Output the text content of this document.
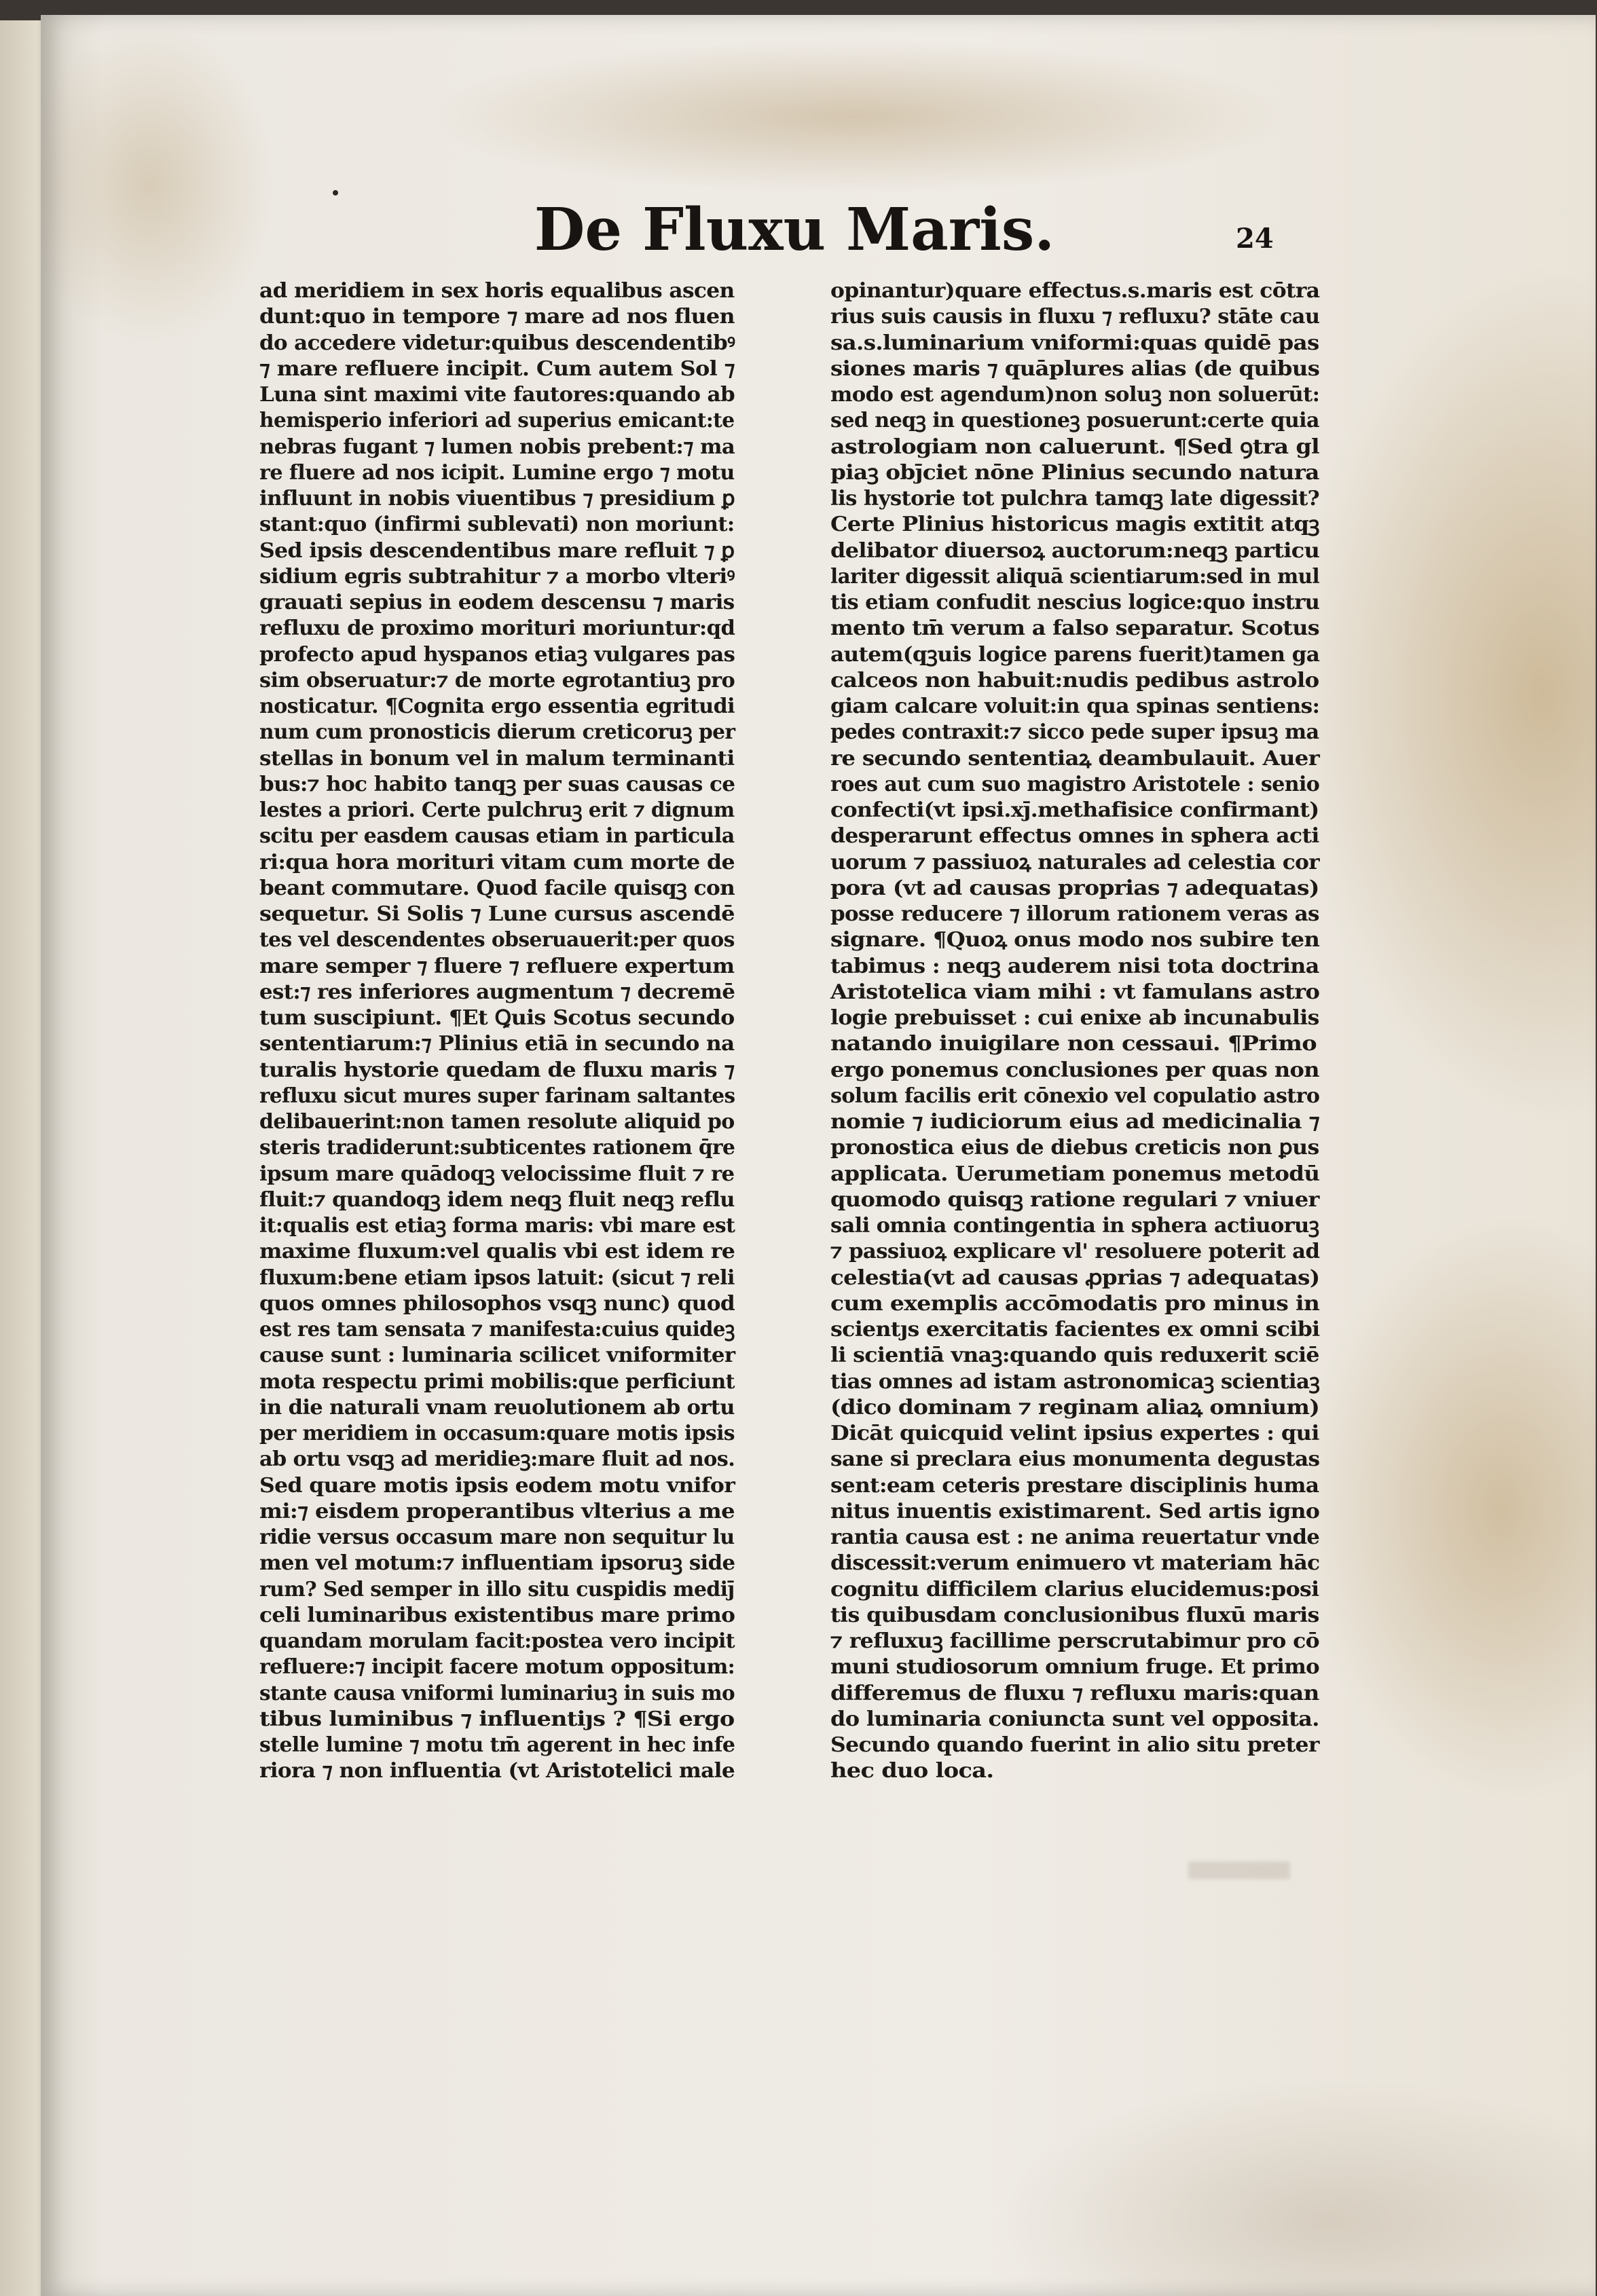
De Fluxu Maris.	24
ad meridiem in sex horis equalibus ascen
dunt:quo in tempore ⁊ mare ad nos fluen
do accedere videtur:quibus descendentibꝰ
⁊ mare refluere incipit. Cum autem Sol ⁊
Luna sint maximi vite fautores:quando ab
hemisperio inferiori ad superius emicant:te
nebras fugant ⁊ lumen nobis prebent:⁊ ma
re fluere ad nos icipit. Lumine ergo ⁊ motu
influunt in nobis viuentibus ⁊ presidium ꝑ
stant:quo (infirmi sublevati) non moriunt:
Sed ipsis descendentibus mare refluit ⁊ ꝑ
sidium egris subtrahitur ⁊ a morbo vlteriꝰ
grauati sepius in eodem descensu ⁊ maris
refluxu de proximo morituri moriuntur:qd
profecto apud hyspanos etiaꝫ vulgares pas
sim obseruatur:⁊ de morte egrotantiuꝫ pro
nosticatur. ¶Cognita ergo essentia egritudi
num cum pronosticis dierum creticoruꝫ per
stellas in bonum vel in malum terminanti
bus:⁊ hoc habito tanqꝫ per suas causas ce
lestes a priori. Certe pulchruꝫ erit ⁊ dignum
scitu per easdem causas etiam in particula
ri:qua hora morituri vitam cum morte de
beant commutare. Quod facile quisqꝫ con
sequetur. Si Solis ⁊ Lune cursus ascendē
tes vel descendentes obseruauerit:per quos
mare semper ⁊ fluere ⁊ refluere expertum
est:⁊ res inferiores augmentum ⁊ decremē
tum suscipiunt. ¶Et Ꝗuis Scotus secundo
sententiarum:⁊ Plinius etiā in secundo na
turalis hystorie quedam de fluxu maris ⁊
refluxu sicut mures super farinam saltantes
delibauerint:non tamen resolute aliquid po
steris tradiderunt:subticentes rationem q̄re
ipsum mare quādoqꝫ velocissime fluit ⁊ re
fluit:⁊ quandoqꝫ idem neqꝫ fluit neqꝫ reflu
it:qualis est etiaꝫ forma maris: vbi mare est
maxime fluxum:vel qualis vbi est idem re
fluxum:bene etiam ipsos latuit: (sicut ⁊ reli
quos omnes philosophos vsqꝫ nunc) quod
est res tam sensata ⁊ manifesta:cuius quideꝫ
cause sunt : luminaria scilicet vniformiter
mota respectu primi mobilis:que perficiunt
in die naturali vnam reuolutionem ab ortu
per meridiem in occasum:quare motis ipsis
ab ortu vsqꝫ ad meridieꝫ:mare fluit ad nos.
Sed quare motis ipsis eodem motu vnifor
mi:⁊ eisdem properantibus vlterius a me
ridie versus occasum mare non sequitur lu
men vel motum:⁊ influentiam ipsoruꝫ side
rum? Sed semper in illo situ cuspidis mediȷ̄
celi luminaribus existentibus mare primo
quandam morulam facit:postea vero incipit
refluere:⁊ incipit facere motum oppositum:
stante causa vniformi luminariuꝫ in suis mo
tibus luminibus ⁊ influentiȷs ? ¶Si ergo
stelle lumine ⁊ motu tm̄ agerent in hec infe
riora ⁊ non influentia (vt Aristotelici male
opinantur)quare effectus.s.maris est cōtra
rius suis causis in fluxu ⁊ refluxu? stāte cau
sa.s.luminarium vniformi:quas quidē pas
siones maris ⁊ quāplures alias (de quibus
modo est agendum)non soluꝫ non soluerūt:
sed neqꝫ in questioneꝫ posuerunt:certe quia
astrologiam non caluerunt. ¶Sed ꝯtra gl
piaꝫ obȷ̄ciet nōne Plinius secundo natura
lis hystorie tot pulchra tamqꝫ late digessit?
Certe Plinius historicus magis extitit atqꝫ
delibator diuersoꝝ auctorum:neqꝫ particu
lariter digessit aliquā scientiarum:sed in mul
tis etiam confudit nescius logice:quo instru
mento tm̄ verum a falso separatur. Scotus
autem(qꝫuis logice parens fuerit)tamen ga
calceos non habuit:nudis pedibus astrolo
giam calcare voluit:in qua spinas sentiens:
pedes contraxit:⁊ sicco pede super ipsuꝫ ma
re secundo sententiaꝝ deambulauit. Auer
roes aut cum suo magistro Aristotele : senio
confecti(vt ipsi.xȷ̄.methafisice confirmant)
desperarunt effectus omnes in sphera acti
uorum ⁊ passiuoꝝ naturales ad celestia cor
pora (vt ad causas proprias ⁊ adequatas)
posse reducere ⁊ illorum rationem veras as
signare. ¶Quoꝝ onus modo nos subire ten
tabimus : neqꝫ auderem nisi tota doctrina
Aristotelica viam mihi : vt famulans astro
logie prebuisset : cui enixe ab incunabulis
natando inuigilare non cessaui. ¶Primo
ergo ponemus conclusiones per quas non
solum facilis erit cōnexio vel copulatio astro
nomie ⁊ iudiciorum eius ad medicinalia ⁊
pronostica eius de diebus creticis non ꝑus
applicata. Uerumetiam ponemus metodū
quomodo quisqꝫ ratione regulari ⁊ vniuer
sali omnia contingentia in sphera actiuoruꝫ
⁊ passiuoꝝ explicare vl' resoluere poterit ad
celestia(vt ad causas ꝓprias ⁊ adequatas)
cum exemplis accōmodatis pro minus in
scientȷs exercitatis facientes ex omni scibi
li scientiā vnaꝫ:quando quis reduxerit sciē
tias omnes ad istam astronomicaꝫ scientiaꝫ
(dico dominam ⁊ reginam aliaꝝ omnium)
Dicāt quicquid velint ipsius expertes : qui
sane si preclara eius monumenta degustas
sent:eam ceteris prestare disciplinis huma
nitus inuentis existimarent. Sed artis igno
rantia causa est : ne anima reuertatur vnde
discessit:verum enimuero vt materiam hāc
cognitu difficilem clarius elucidemus:posi
tis quibusdam conclusionibus fluxū maris
⁊ refluxuꝫ facillime perscrutabimur pro cō
muni studiosorum omnium fruge. Et primo
differemus de fluxu ⁊ refluxu maris:quan
do luminaria coniuncta sunt vel opposita.
Secundo quando fuerint in alio situ preter
hec duo loca.
